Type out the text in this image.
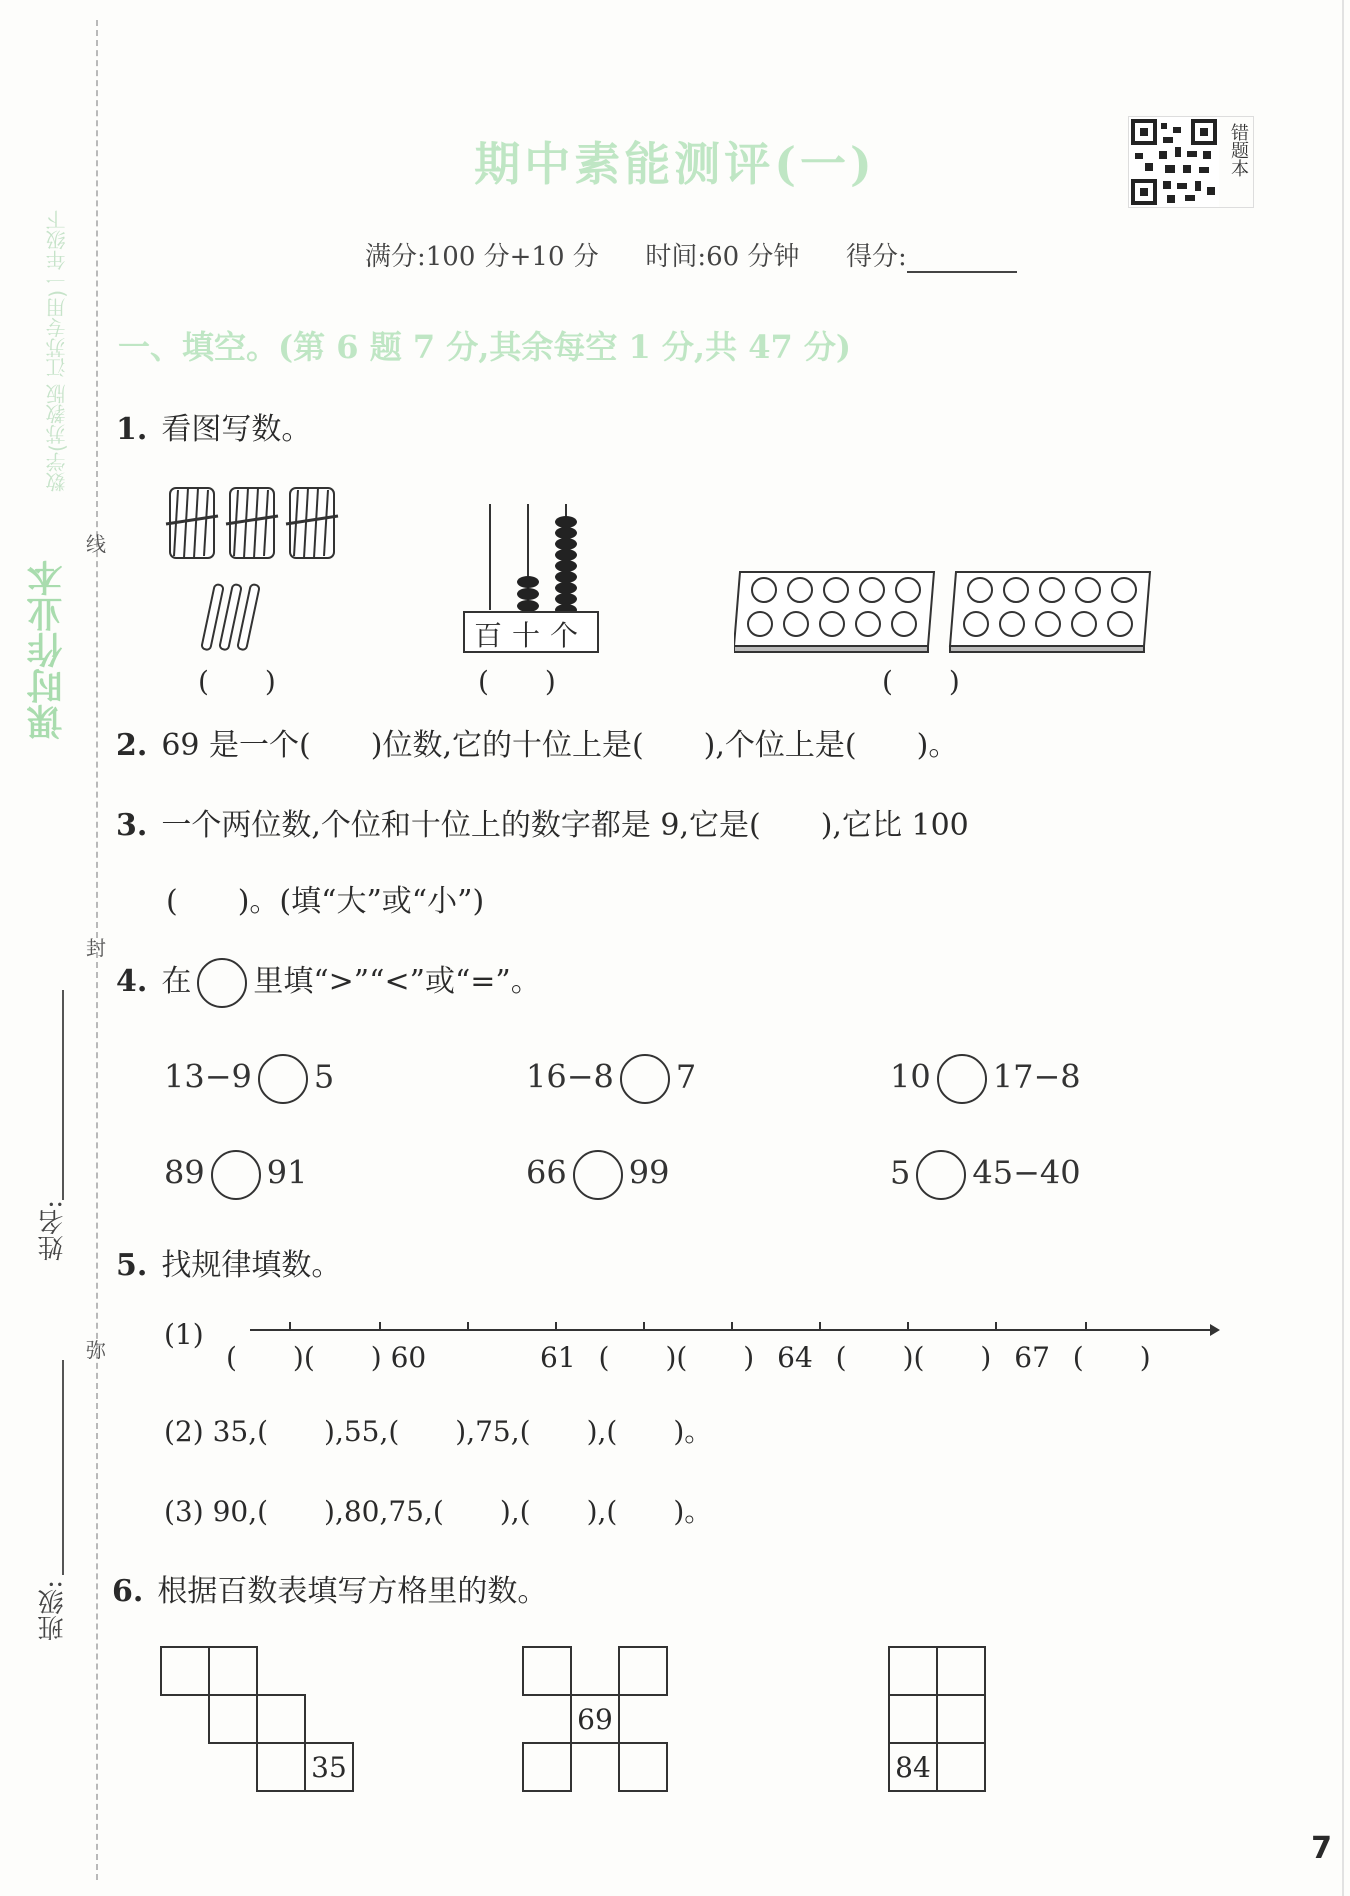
数学(苏教版 江苏专用)一年级下
课时作业本
线
封
弥
姓名:
班级:
期中素能测评(一)	错题本
满分:100 分+10 分 时间:60 分钟 得分:
一、填空。(第 6 题 7 分,其余每空 1 分,共 47 分)
1. 看图写数。
(　　)
百十个
(　　)	(　　)
2. 69 是一个(　　)位数,它的十位上是(　　),个位上是(　　)。
3. 一个两位数,个位和十位上的数字都是 9,它是(　　),它比 100
(　　)。(填“大”或“小”)
4. 在 里填“>”“<”或“=”。
13−9 5	16−8 7	10 17−8
89 91	66 99	5 45−40
5. 找规律填数。
(1)
(　　)(　　) 60	61 (　　)(　　) 64 (　　)(　　) 67 (　　)
(2) 35,(　　),55,(　　),75,(　　),(　　)。
(3) 90,(　　),80,75,(　　),(　　),(　　)。
6. 根据百数表填写方格里的数。

			35

	69	

84	
7
